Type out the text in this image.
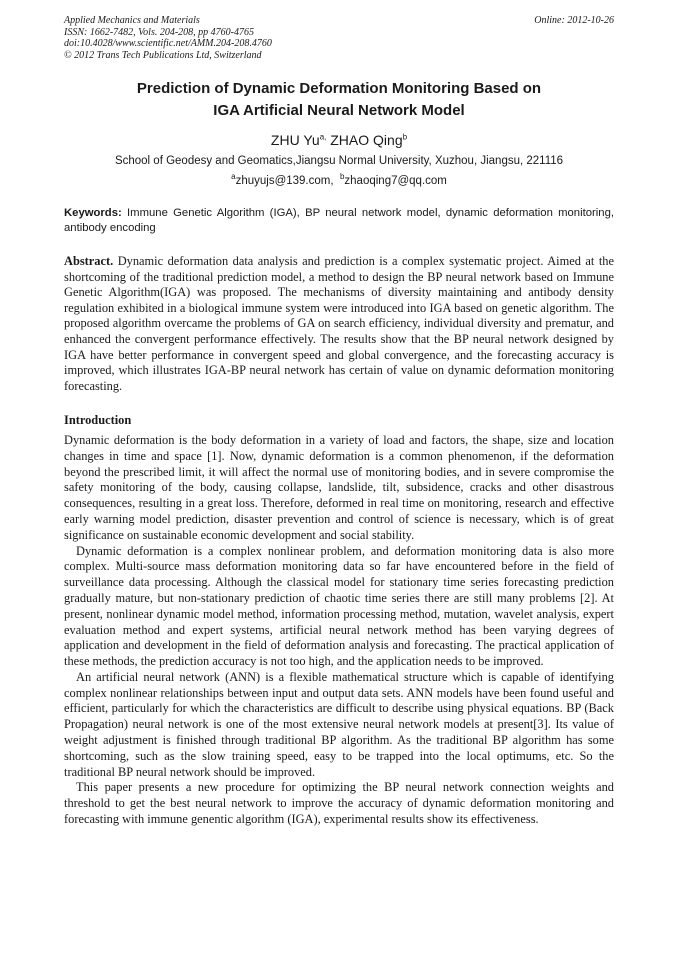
Applied Mechanics and Materials
ISSN: 1662-7482, Vols. 204-208, pp 4760-4765
doi:10.4028/www.scientific.net/AMM.204-208.4760
© 2012 Trans Tech Publications Ltd, Switzerland
Online: 2012-10-26
Prediction of Dynamic Deformation Monitoring Based on
IGA Artificial Neural Network Model
ZHU $Yu^{a,}$ ZHAO Qing$^b$
School of Geodesy and Geomatics,Jiangsu Normal University, Xuzhou, Jiangsu, 221116
$^a$zhuyujs@139.com, $^b$zhaoqing7@qq.com
Keywords: Immune Genetic Algorithm (IGA), BP neural network model, dynamic deformation monitoring, antibody encoding
Abstract. Dynamic deformation data analysis and prediction is a complex systematic project. Aimed at the shortcoming of the traditional prediction model, a method to design the BP neural network based on Immune Genetic Algorithm(IGA) was proposed. The mechanisms of diversity maintaining and antibody density regulation exhibited in a biological immune system were introduced into IGA based on genetic algorithm. The proposed algorithm overcame the problems of GA on search efficiency, individual diversity and prematur, and enhanced the convergent performance effectively. The results show that the BP neural network designed by IGA have better performance in convergent speed and global convergence, and the forecasting accuracy is improved, which illustrates IGA-BP neural network has certain of value on dynamic deformation monitoring forecasting.
Introduction

Dynamic deformation is the body deformation in a variety of load and factors, the shape, size and location changes in time and space [1]. Now, dynamic deformation is a common phenomenon, if the deformation beyond the prescribed limit, it will affect the normal use of monitoring bodies, and in severe compromise the safety monitoring of the body, causing collapse, landslide, tilt, subsidence, cracks and other disastrous consequences, resulting in a great loss. Therefore, deformed in real time on monitoring, research and effective early warning model prediction, disaster prevention and control of science is necessary, which is of great significance on sustainable economic development and social stability.

Dynamic deformation is a complex nonlinear problem, and deformation monitoring data is also more complex. Multi-source mass deformation monitoring data so far have encountered before in the field of surveillance data processing. Although the classical model for stationary time series forecasting prediction gradually mature, but non-stationary prediction of chaotic time series there are still many problems [2]. At present, nonlinear dynamic model method, information processing method, mutation, wavelet analysis, expert evaluation method and expert systems, artificial neural network method has been varying degrees of application and development in the field of deformation analysis and forecasting. The practical application of these methods, the prediction accuracy is not too high, and the application needs to be improved.

An artificial neural network (ANN) is a flexible mathematical structure which is capable of identifying complex nonlinear relationships between input and output data sets. ANN models have been found useful and efficient, particularly for which the characteristics are difficult to describe using physical equations. BP (Back Propagation) neural network is one of the most extensive neural network models at present[3]. Its value of weight adjustment is finished through traditional BP algorithm. As the traditional BP algorithm has some shortcoming, such as the slow training speed, easy to be trapped into the local optimums, etc. So the traditional BP neural network should be improved.

This paper presents a new procedure for optimizing the BP neural network connection weights and threshold to get the best neural network to improve the accuracy of dynamic deformation monitoring and forecasting with immune genentic algorithm (IGA), experimental results show its effectiveness.
